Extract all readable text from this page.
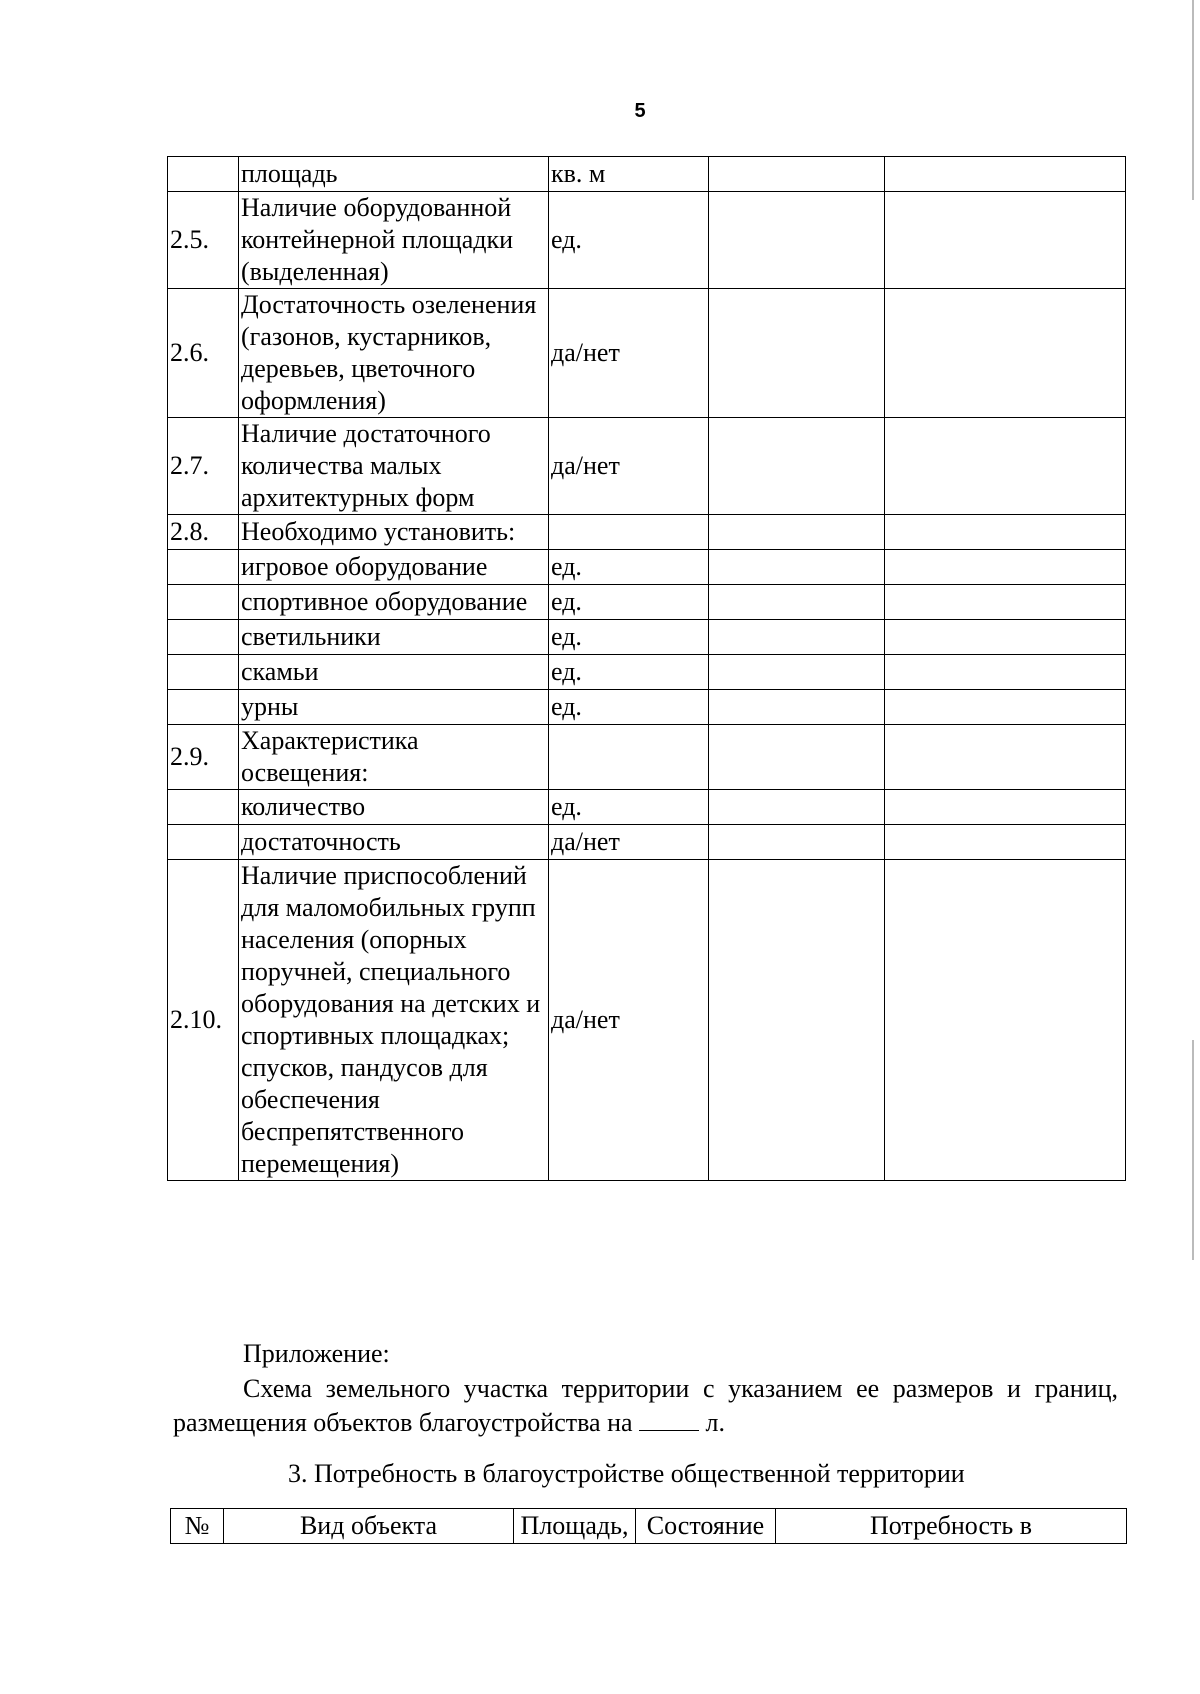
5
	площадь	кв. м		
2.5.	Наличие оборудованной контейнерной площадки (выделенная)	ед.		
2.6.	Достаточность озеленения (газонов, кустарников, деревьев, цветочного оформления)	да/нет		
2.7.	Наличие достаточного количества малых архитектурных форм	да/нет		
2.8.	Необходимо установить:			
	игровое оборудование	ед.		
	спортивное оборудование	ед.		
	светильники	ед.		
	скамьи	ед.		
	урны	ед.		
2.9.	Характеристика освещения:			
	количество	ед.		
	достаточность	да/нет		
2.10.	Наличие приспособлений для маломобильных групп населения (опорных поручней, специального оборудования на детских и спортивных площадках; спусков, пандусов для обеспечения беспрепятственного перемещения)	да/нет		
Приложение:
Схема земельного участка территории с указанием ее размеров и границ, размещения объектов благоустройства на  л.
3. Потребность в благоустройстве общественной территории
№	Вид объекта	Площадь,	Состояние	Потребность в
